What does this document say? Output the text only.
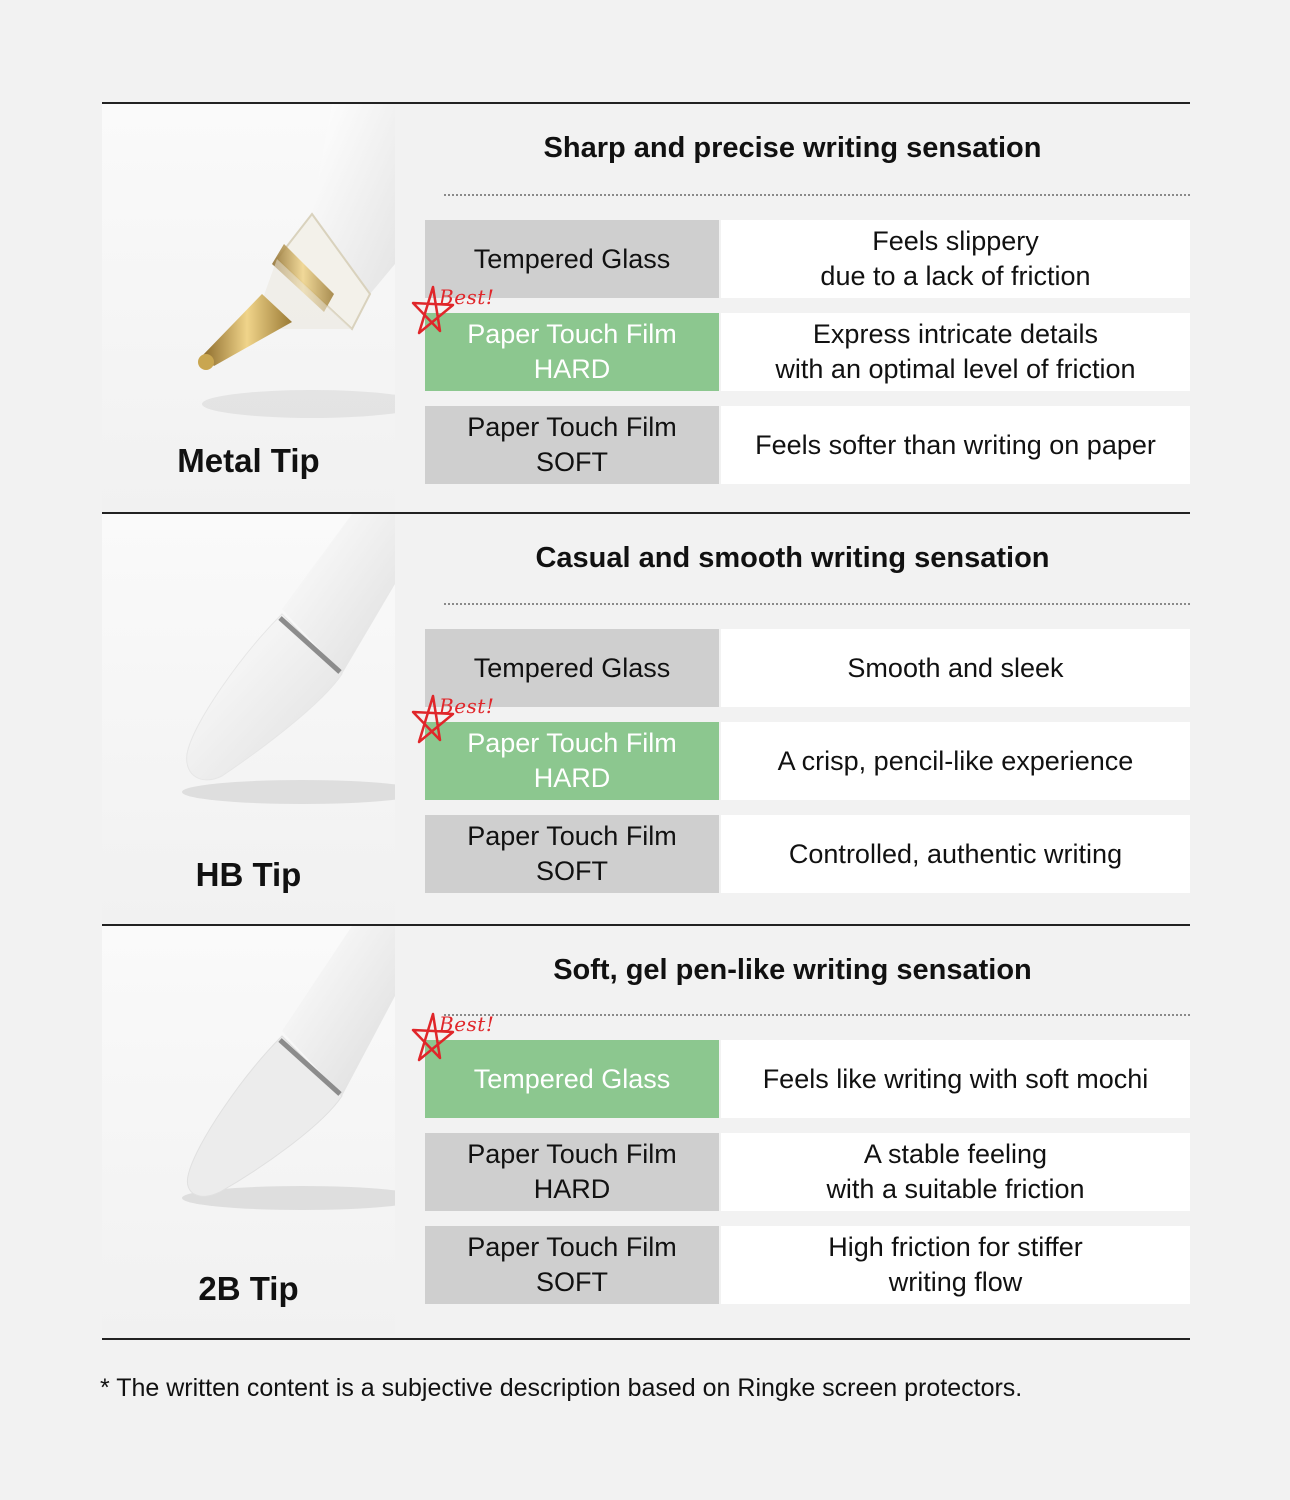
Metal Tip
Sharp and precise writing sensation
Tempered Glass
Feels slippery
due to a lack of friction
Paper Touch Film
HARD
Express intricate details
with an optimal level of friction
Best!
Paper Touch Film
SOFT
Feels softer than writing on paper
HB Tip
Casual and smooth writing sensation
Tempered Glass	Smooth and sleek
Paper Touch Film
HARD
A crisp, pencil-like experience
Best!
Paper Touch Film
SOFT
Controlled, authentic writing
2B Tip
Soft, gel pen-like writing sensation
Tempered Glass	Feels like writing with soft mochi
Best!
Paper Touch Film
HARD
A stable feeling
with a suitable friction
Paper Touch Film
SOFT
High friction for stiffer
writing flow
* The written content is a subjective description based on Ringke screen protectors.
